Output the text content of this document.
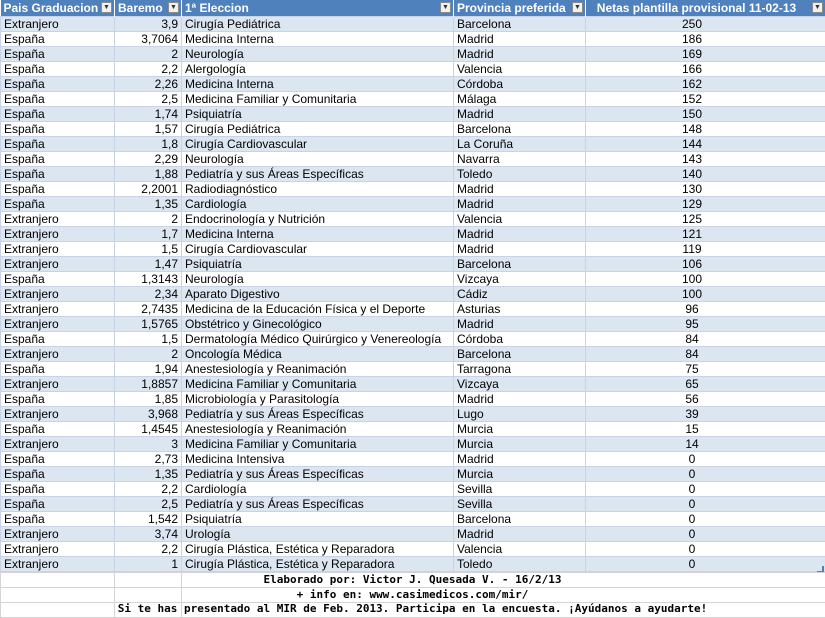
Pais Graduacion ▼	Baremo ▼	1ª Eleccion ▼	Provincia preferida ▼	Netas plantilla provisional 11-02-13 ▼

Extranjero	3,9	Cirugía Pediátrica	Barcelona	250
España	3,7064	Medicina Interna	Madrid	186
España	2	Neurología	Madrid	169
España	2,2	Alergología	Valencia	166
España	2,26	Medicina Interna	Córdoba	162
España	2,5	Medicina Familiar y Comunitaria	Málaga	152
España	1,74	Psiquiatría	Madrid	150
España	1,57	Cirugía Pediátrica	Barcelona	148
España	1,8	Cirugía Cardiovascular	La Coruña	144
España	2,29	Neurología	Navarra	143
España	1,88	Pediatría y sus Áreas Específicas	Toledo	140
España	2,2001	Radiodiagnóstico	Madrid	130
España	1,35	Cardiología	Madrid	129
Extranjero	2	Endocrinología y Nutrición	Valencia	125
Extranjero	1,7	Medicina Interna	Madrid	121
Extranjero	1,5	Cirugía Cardiovascular	Madrid	119
Extranjero	1,47	Psiquiatría	Barcelona	106
España	1,3143	Neurología	Vizcaya	100
Extranjero	2,34	Aparato Digestivo	Cádiz	100
Extranjero	2,7435	Medicina de la Educación Física y el Deporte	Asturias	96
Extranjero	1,5765	Obstétrico y Ginecológico	Madrid	95
España	1,5	Dermatología Médico Quirúrgico y Venereología	Córdoba	84
Extranjero	2	Oncología Médica	Barcelona	84
España	1,94	Anestesiología y Reanimación	Tarragona	75
Extranjero	1,8857	Medicina Familiar y Comunitaria	Vizcaya	65
España	1,85	Microbiología y Parasitología	Madrid	56
Extranjero	3,968	Pediatría y sus Áreas Específicas	Lugo	39
España	1,4545	Anestesiología y Reanimación	Murcia	15
Extranjero	3	Medicina Familiar y Comunitaria	Murcia	14
España	2,73	Medicina Intensiva	Madrid	0
España	1,35	Pediatría y sus Áreas Específicas	Murcia	0
España	2,2	Cardiología	Sevilla	0
España	2,5	Pediatría y sus Áreas Específicas	Sevilla	0
España	1,542	Psiquiatría	Barcelona	0
Extranjero	3,74	Urología	Madrid	0
Extranjero	2,2	Cirugía Plástica, Estética y Reparadora	Valencia	0
Extranjero	1	Cirugía Plástica, Estética y Reparadora	Toledo	0

Elaborado por: Victor J. Quesada V. - 16/2/13
+ info en: www.casimedicos.com/mir/
Si te has presentado al MIR de Feb. 2013. Participa en la encuesta. ¡Ayúdanos a ayudarte!
